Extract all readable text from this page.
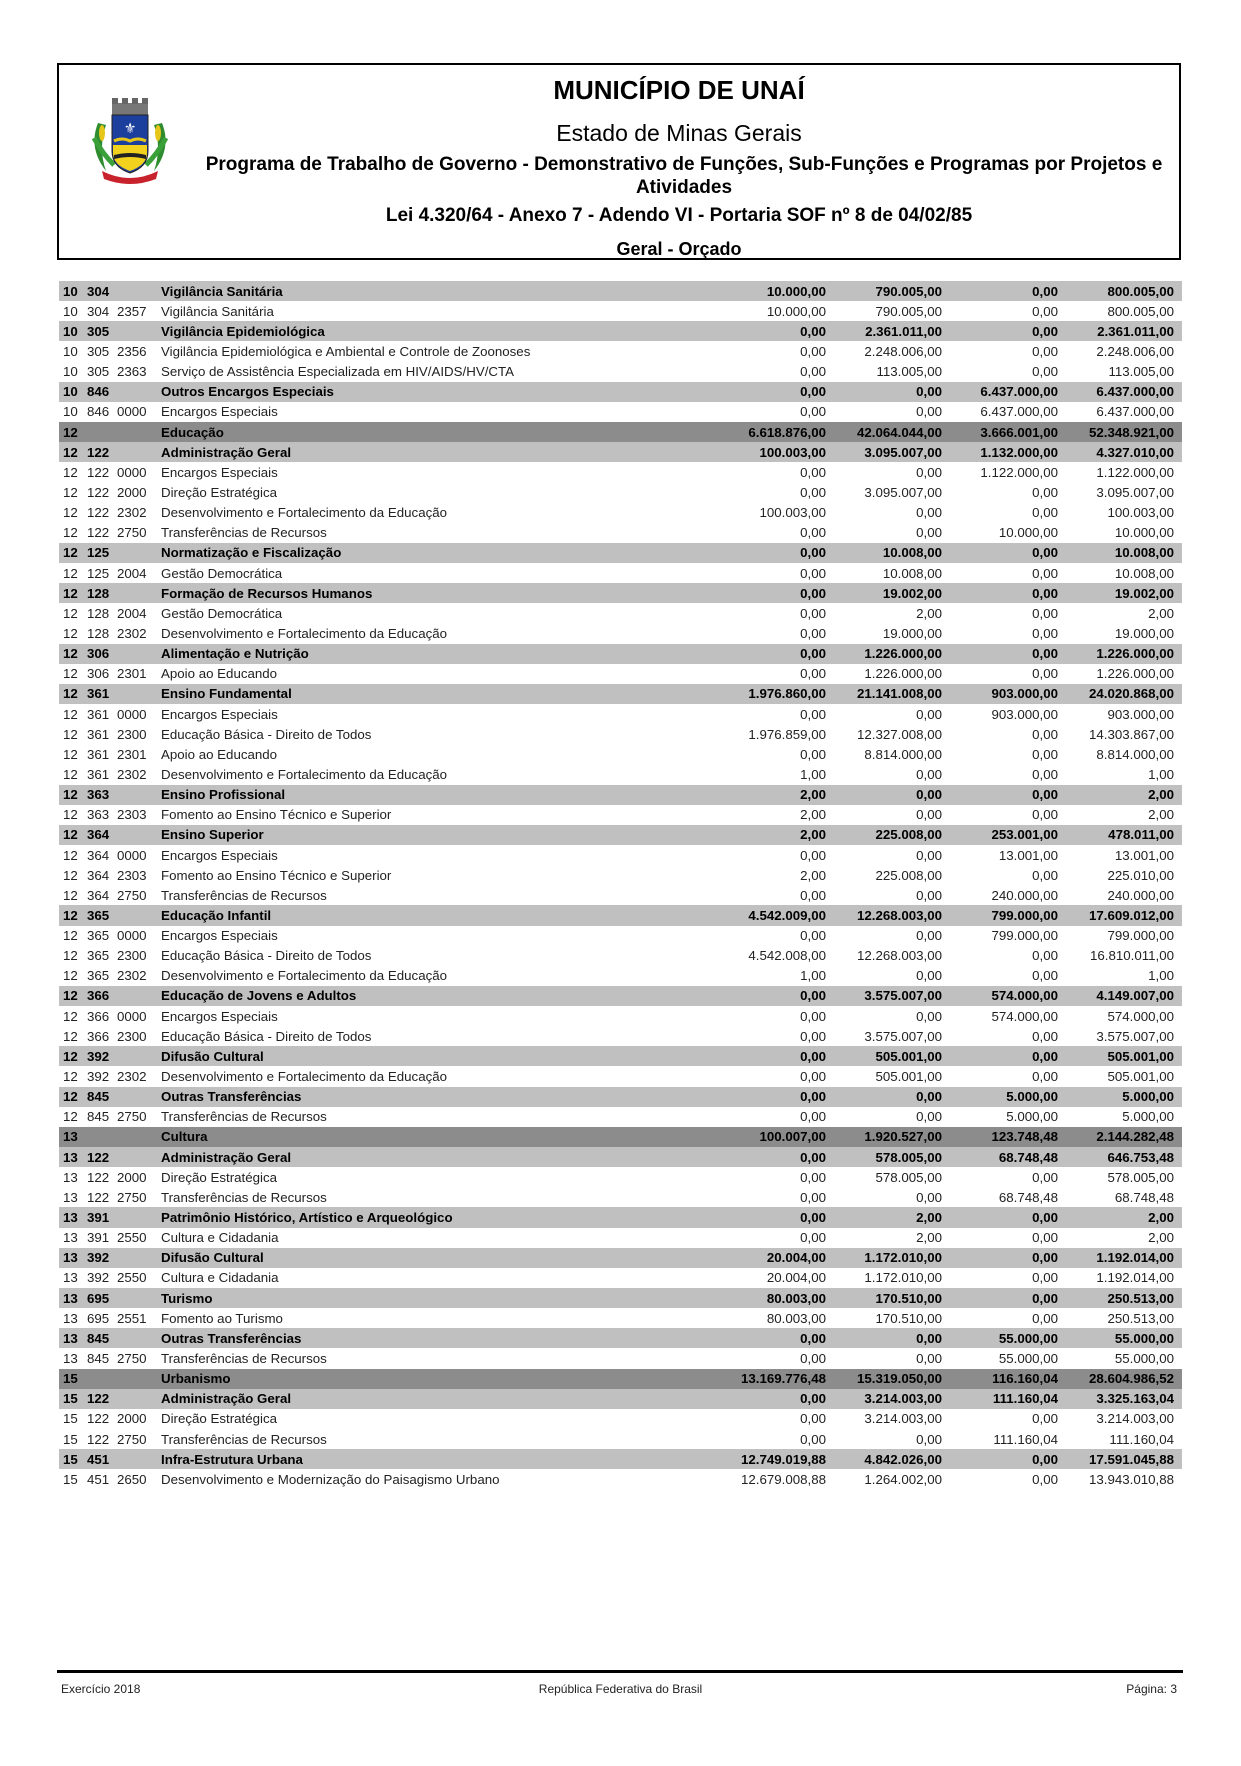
⚜
MUNICÍPIO DE UNAÍ
Estado de Minas Gerais
Programa de Trabalho de Governo - Demonstrativo de Funções, Sub-Funções e Programas por Projetos e Atividades
Lei 4.320/64 - Anexo 7 - Adendo VI - Portaria SOF nº 8 de 04/02/85
Geral - Orçado
10 304	Vigilância Sanitária	10.000,00	790.005,00	0,00	800.005,00
10 304 2357 Vigilância Sanitária	10.000,00	790.005,00	0,00	800.005,00
10 305	Vigilância Epidemiológica	0,00	2.361.011,00	0,00	2.361.011,00
10 305 2356 Vigilância Epidemiológica e Ambiental e Controle de Zoonoses	0,00	2.248.006,00	0,00	2.248.006,00
10 305 2363 Serviço de Assistência Especializada em HIV/AIDS/HV/CTA	0,00	113.005,00	0,00	113.005,00
10 846	Outros Encargos Especiais	0,00	0,00	6.437.000,00	6.437.000,00
10 846 0000 Encargos Especiais	0,00	0,00	6.437.000,00	6.437.000,00
12	Educação	6.618.876,00	42.064.044,00	3.666.001,00	52.348.921,00
12 122	Administração Geral	100.003,00	3.095.007,00	1.132.000,00	4.327.010,00
12 122 0000 Encargos Especiais	0,00	0,00	1.122.000,00	1.122.000,00
12 122 2000 Direção Estratégica	0,00	3.095.007,00	0,00	3.095.007,00
12 122 2302 Desenvolvimento e Fortalecimento da Educação	100.003,00	0,00	0,00	100.003,00
12 122 2750 Transferências de Recursos	0,00	0,00	10.000,00	10.000,00
12 125	Normatização e Fiscalização	0,00	10.008,00	0,00	10.008,00
12 125 2004 Gestão Democrática	0,00	10.008,00	0,00	10.008,00
12 128	Formação de Recursos Humanos	0,00	19.002,00	0,00	19.002,00
12 128 2004 Gestão Democrática	0,00	2,00	0,00	2,00
12 128 2302 Desenvolvimento e Fortalecimento da Educação	0,00	19.000,00	0,00	19.000,00
12 306	Alimentação e Nutrição	0,00	1.226.000,00	0,00	1.226.000,00
12 306 2301 Apoio ao Educando	0,00	1.226.000,00	0,00	1.226.000,00
12 361	Ensino Fundamental	1.976.860,00	21.141.008,00	903.000,00	24.020.868,00
12 361 0000 Encargos Especiais	0,00	0,00	903.000,00	903.000,00
12 361 2300 Educação Básica - Direito de Todos	1.976.859,00	12.327.008,00	0,00	14.303.867,00
12 361 2301 Apoio ao Educando	0,00	8.814.000,00	0,00	8.814.000,00
12 361 2302 Desenvolvimento e Fortalecimento da Educação	1,00	0,00	0,00	1,00
12 363	Ensino Profissional	2,00	0,00	0,00	2,00
12 363 2303 Fomento ao Ensino Técnico e Superior	2,00	0,00	0,00	2,00
12 364	Ensino Superior	2,00	225.008,00	253.001,00	478.011,00
12 364 0000 Encargos Especiais	0,00	0,00	13.001,00	13.001,00
12 364 2303 Fomento ao Ensino Técnico e Superior	2,00	225.008,00	0,00	225.010,00
12 364 2750 Transferências de Recursos	0,00	0,00	240.000,00	240.000,00
12 365	Educação Infantil	4.542.009,00	12.268.003,00	799.000,00	17.609.012,00
12 365 0000 Encargos Especiais	0,00	0,00	799.000,00	799.000,00
12 365 2300 Educação Básica - Direito de Todos	4.542.008,00	12.268.003,00	0,00	16.810.011,00
12 365 2302 Desenvolvimento e Fortalecimento da Educação	1,00	0,00	0,00	1,00
12 366	Educação de Jovens e Adultos	0,00	3.575.007,00	574.000,00	4.149.007,00
12 366 0000 Encargos Especiais	0,00	0,00	574.000,00	574.000,00
12 366 2300 Educação Básica - Direito de Todos	0,00	3.575.007,00	0,00	3.575.007,00
12 392	Difusão Cultural	0,00	505.001,00	0,00	505.001,00
12 392 2302 Desenvolvimento e Fortalecimento da Educação	0,00	505.001,00	0,00	505.001,00
12 845	Outras Transferências	0,00	0,00	5.000,00	5.000,00
12 845 2750 Transferências de Recursos	0,00	0,00	5.000,00	5.000,00
13	Cultura	100.007,00	1.920.527,00	123.748,48	2.144.282,48
13 122	Administração Geral	0,00	578.005,00	68.748,48	646.753,48
13 122 2000 Direção Estratégica	0,00	578.005,00	0,00	578.005,00
13 122 2750 Transferências de Recursos	0,00	0,00	68.748,48	68.748,48
13 391	Patrimônio Histórico, Artístico e Arqueológico	0,00	2,00	0,00	2,00
13 391 2550 Cultura e Cidadania	0,00	2,00	0,00	2,00
13 392	Difusão Cultural	20.004,00	1.172.010,00	0,00	1.192.014,00
13 392 2550 Cultura e Cidadania	20.004,00	1.172.010,00	0,00	1.192.014,00
13 695	Turismo	80.003,00	170.510,00	0,00	250.513,00
13 695 2551 Fomento ao Turismo	80.003,00	170.510,00	0,00	250.513,00
13 845	Outras Transferências	0,00	0,00	55.000,00	55.000,00
13 845 2750 Transferências de Recursos	0,00	0,00	55.000,00	55.000,00
15	Urbanismo	13.169.776,48	15.319.050,00	116.160,04	28.604.986,52
15 122	Administração Geral	0,00	3.214.003,00	111.160,04	3.325.163,04
15 122 2000 Direção Estratégica	0,00	3.214.003,00	0,00	3.214.003,00
15 122 2750 Transferências de Recursos	0,00	0,00	111.160,04	111.160,04
15 451	Infra-Estrutura Urbana	12.749.019,88	4.842.026,00	0,00	17.591.045,88
15 451 2650 Desenvolvimento e Modernização do Paisagismo Urbano	12.679.008,88	1.264.002,00	0,00	13.943.010,88
Exercício 2018	República Federativa do Brasil	Página: 3
